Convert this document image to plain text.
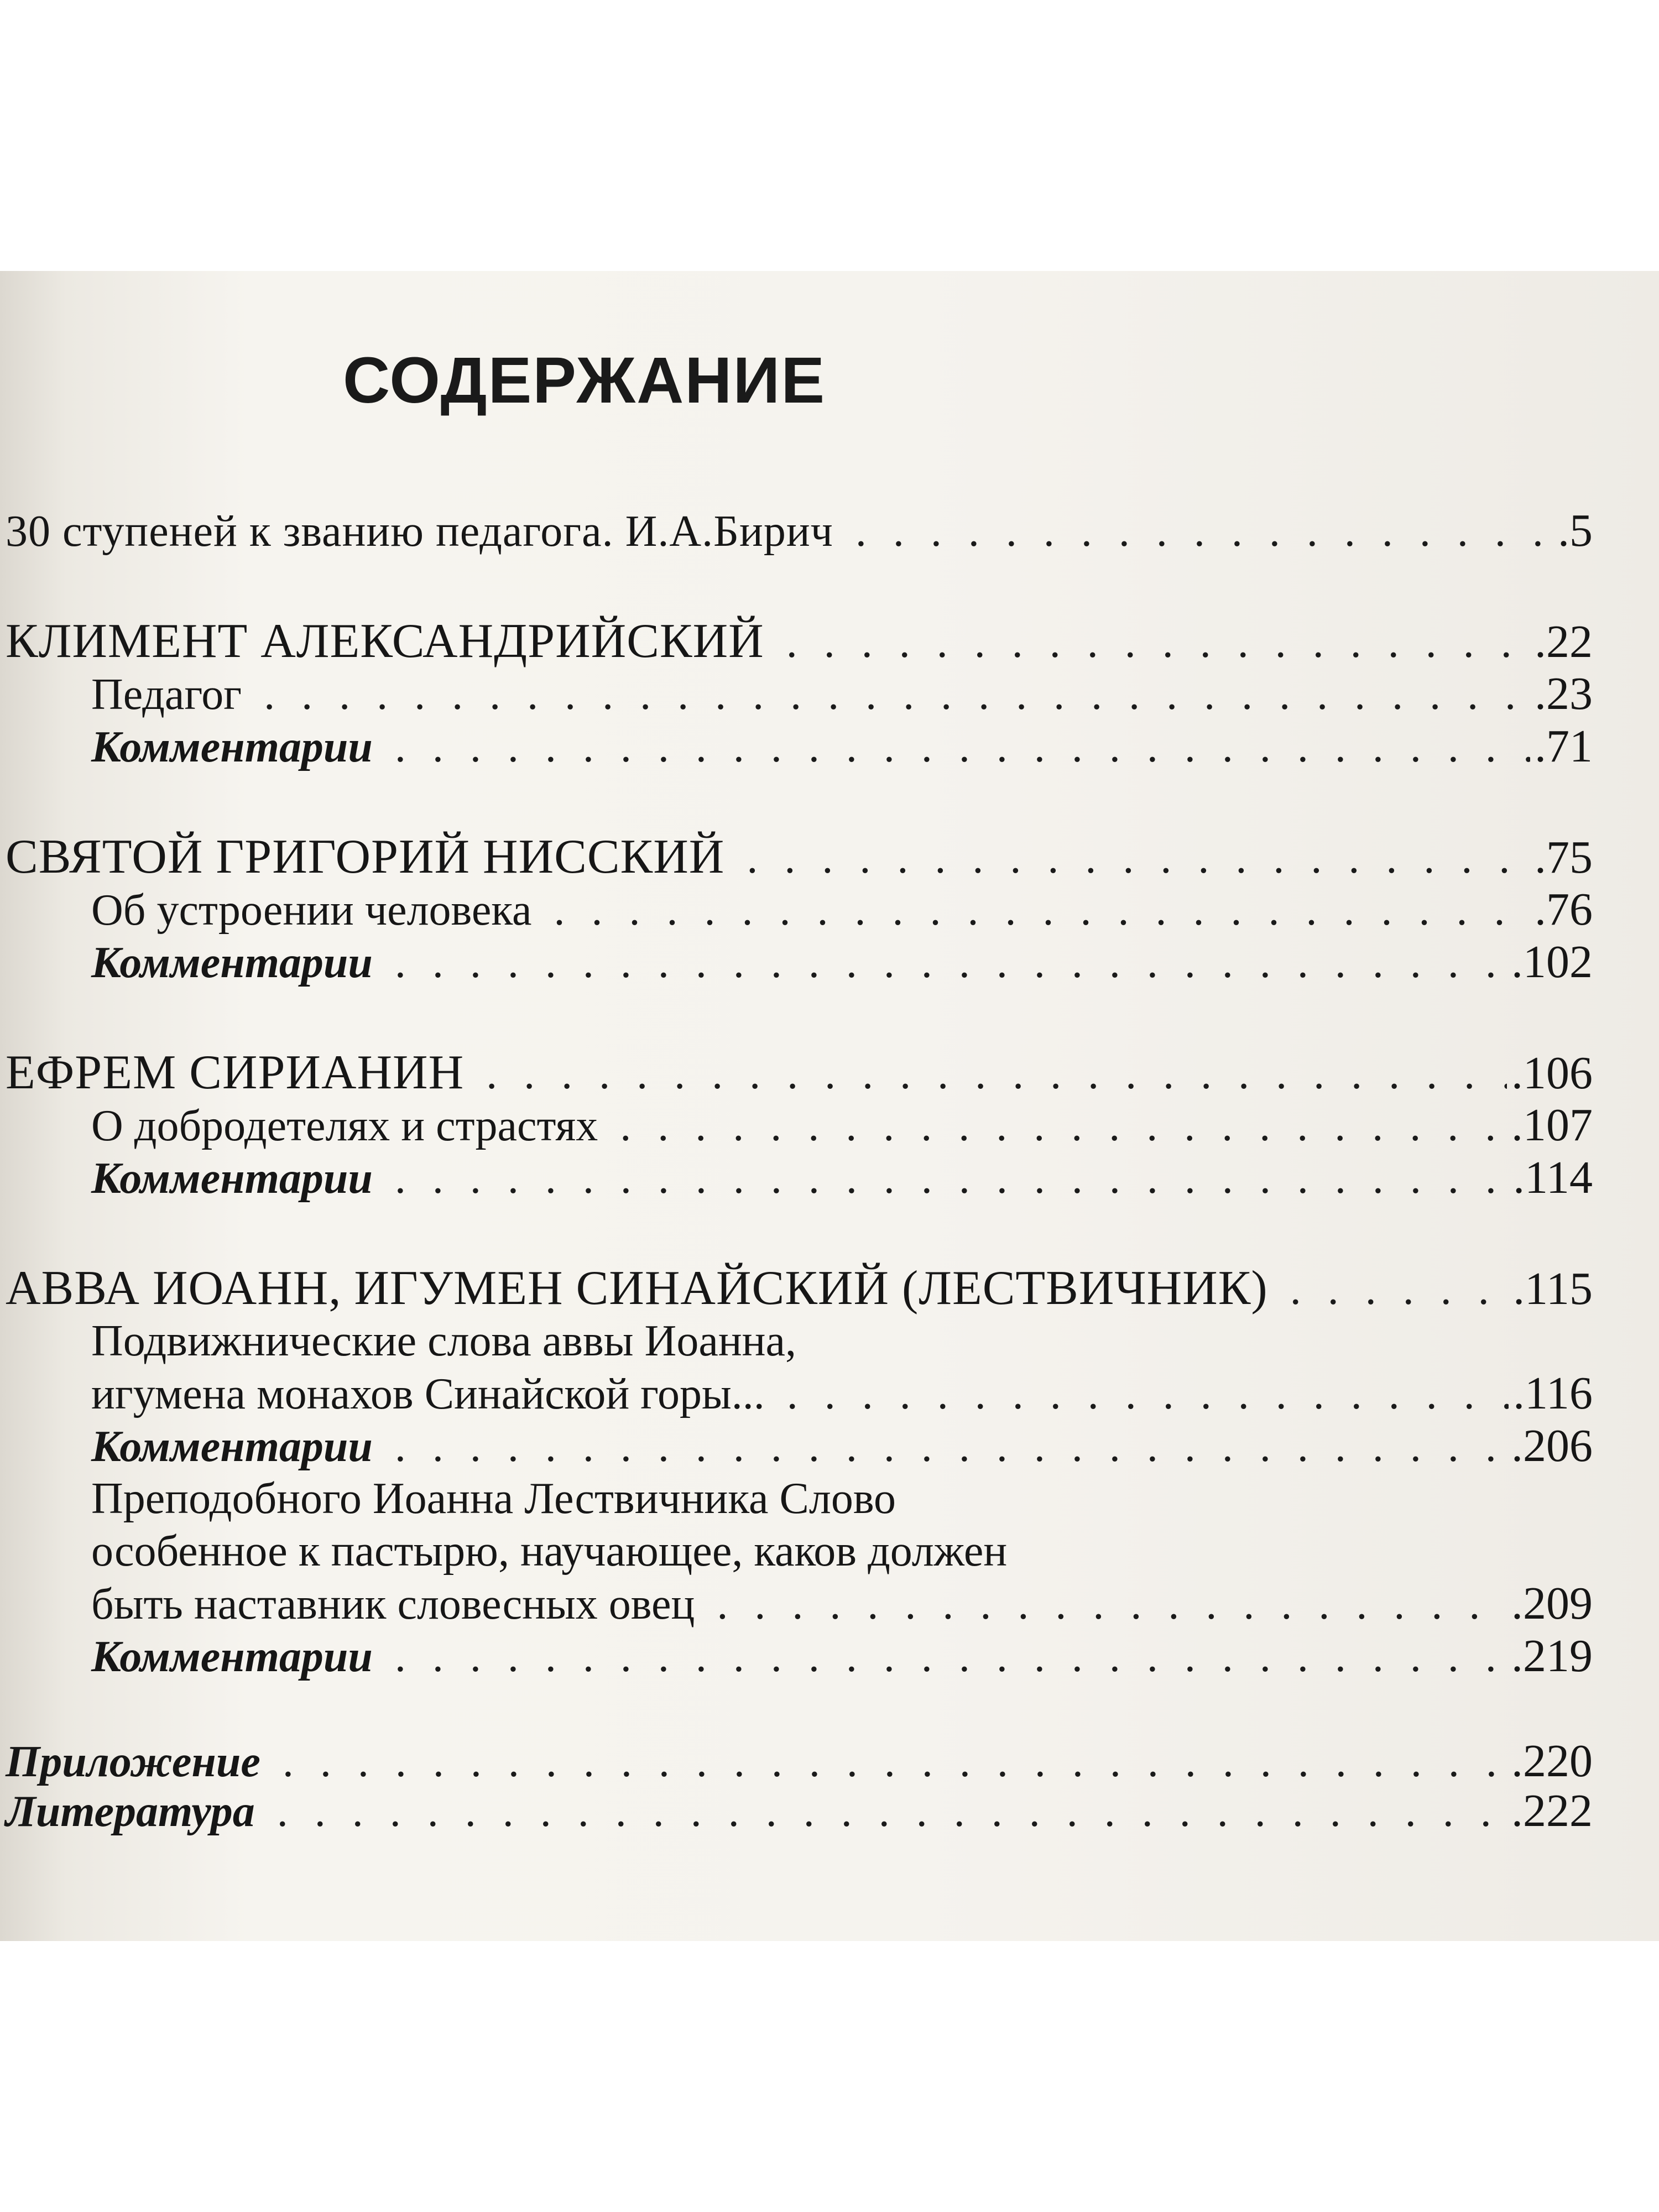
СОДЕРЖАНИЕ
30 ступеней к званию педагога. И.А.Бирич . . .	.5
КЛИМЕНТ АЛЕКСАНДРИЙСКИЙ . . .	.22
Педагог . . .	.23
Комментарии . . .	.71
СВЯТОЙ ГРИГОРИЙ НИССКИЙ . . .	.75
Об устроении человека . . .	.76
Комментарии . . .	.102
ЕФРЕМ СИРИАНИН . . .	.106
О добродетелях и страстях . . .	.107
Комментарии . . .	.114
АВВА ИОАНН, ИГУМЕН СИНАЙСКИЙ (ЛЕСТВИЧНИК) . . .	.115
Подвижнические слова аввы Иоанна,
игумена монахов Синайской горы... . . .	.116
Комментарии . . .	.206
Преподобного Иоанна Лествичника Слово
особенное к пастырю, научающее, каков должен
быть наставник словесных овец . . .	.209
Комментарии . . .	.219
Приложение . . .	.220
Литература . . .	.222
